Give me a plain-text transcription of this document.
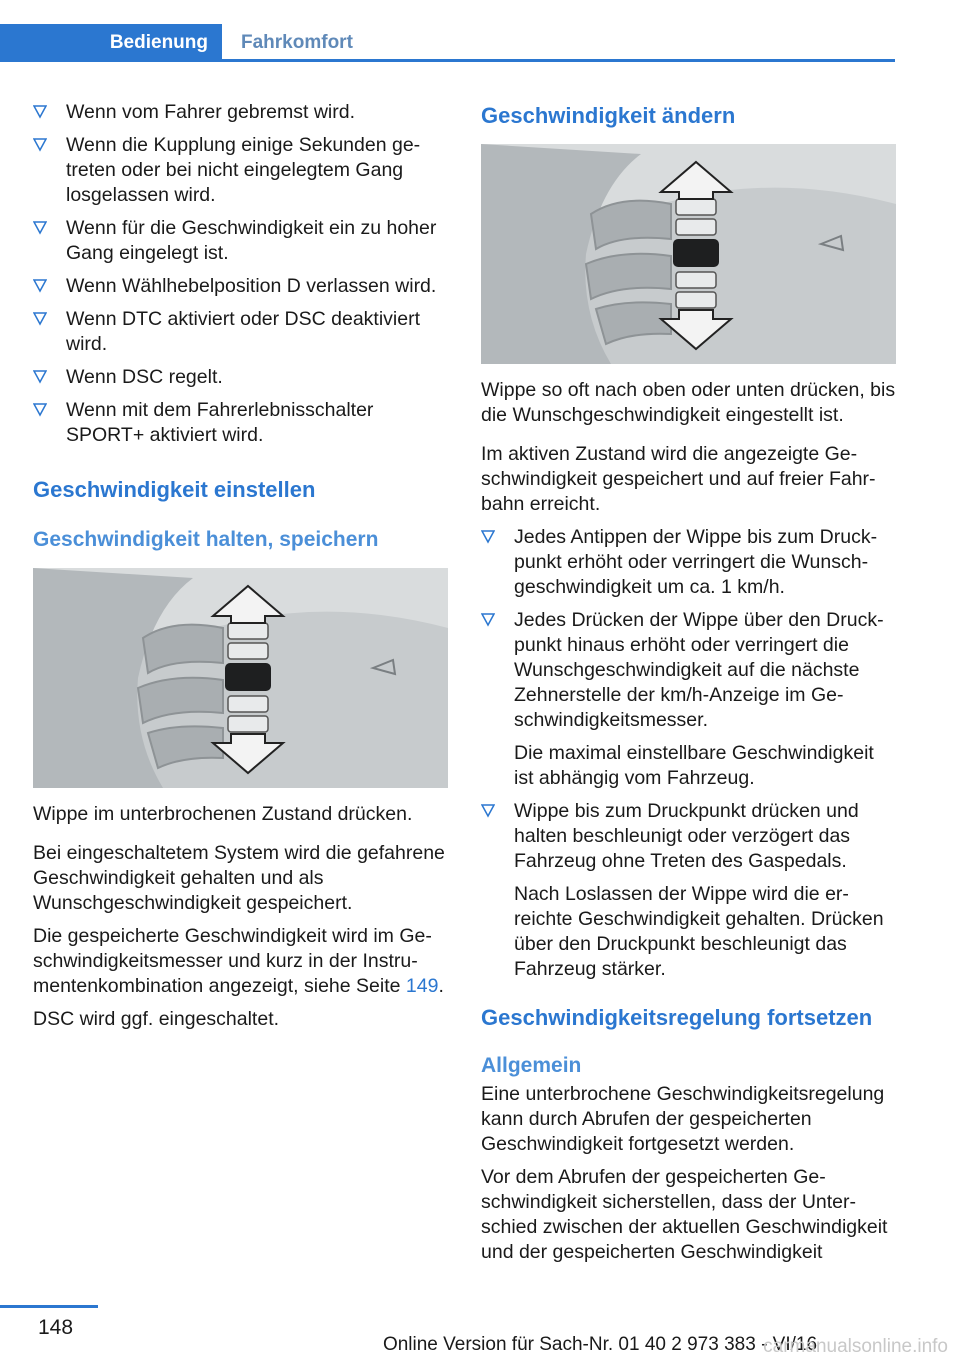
Bedienung Fahrkomfort
Wenn vom Fahrer gebremst wird.
Wenn die Kupplung einige Sekunden getreten oder bei nicht eingelegtem Gang losgelassen wird.
Wenn für die Geschwindigkeit ein zu hoher Gang eingelegt ist.
Wenn Wählhebelposition D verlassen wird.
Wenn DTC aktiviert oder DSC deaktiviert wird.
Wenn DSC regelt.
Wenn mit dem Fahrerlebnisschalter SPORT+ aktiviert wird.
Geschwindigkeit einstellen
Geschwindigkeit halten, speichern

Wippe im unterbrochenen Zustand drücken.

Bei eingeschaltetem System wird die gefahrene Geschwindigkeit gehalten und als Wunschgeschwindigkeit gespeichert.

Die gespeicherte Geschwindigkeit wird im Geschwindigkeitsmesser und kurz in der Instrumentenkombination angezeigt, siehe Seite 149.

DSC wird ggf. eingeschaltet.

Geschwindigkeit ändern

Wippe so oft nach oben oder unten drücken, bis die Wunschgeschwindigkeit eingestellt ist.

Im aktiven Zustand wird die angezeigte Geschwindigkeit gespeichert und auf freier Fahrbahn erreicht.

Jedes Antippen der Wippe bis zum Druckpunkt erhöht oder verringert die Wunschgeschwindigkeit um ca. 1 km/h.
Jedes Drücken der Wippe über den Druckpunkt hinaus erhöht oder verringert die Wunschgeschwindigkeit auf die nächste Zehnerstelle der km/h-Anzeige im Geschwindigkeitsmesser.
Die maximal einstellbare Geschwindigkeit ist abhängig vom Fahrzeug.
Wippe bis zum Druckpunkt drücken und halten beschleunigt oder verzögert das Fahrzeug ohne Treten des Gaspedals.
Nach Loslassen der Wippe wird die erreichte Geschwindigkeit gehalten. Drücken über den Druckpunkt beschleunigt das Fahrzeug stärker.
Geschwindigkeitsregelung fortsetzen
Allgemein

Eine unterbrochene Geschwindigkeitsregelung kann durch Abrufen der gespeicherten Geschwindigkeit fortgesetzt werden.

Vor dem Abrufen der gespeicherten Geschwindigkeit sicherstellen, dass der Unterschied zwischen der aktuellen Geschwindigkeit und der gespeicherten Geschwindigkeit

148
Online Version für Sach-Nr. 01 40 2 973 383 - VI/16
carmanualsonline.info
